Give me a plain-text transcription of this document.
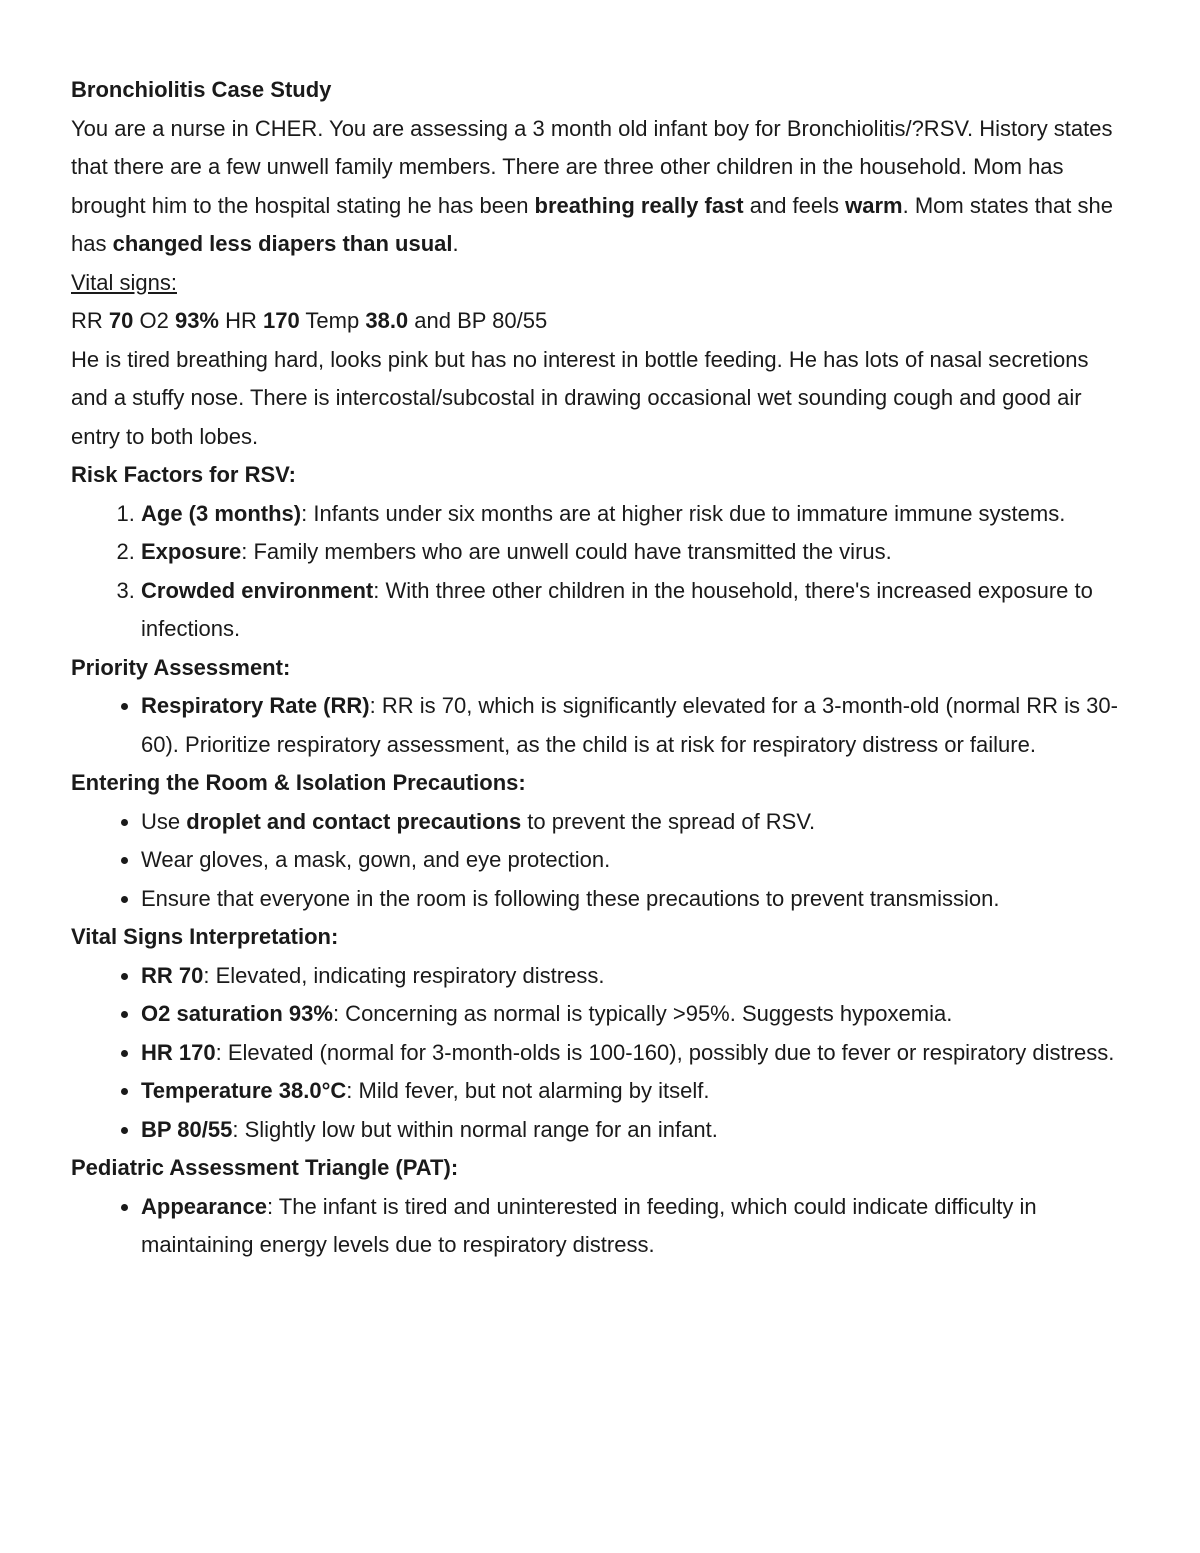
Bronchiolitis Case Study

You are a nurse in CHER. You are assessing a 3 month old infant boy for Bronchiolitis/?RSV. History states that there are a few unwell family members. There are three other children in the household. Mom has brought him to the hospital stating he has been breathing really fast and feels warm. Mom states that she has changed less diapers than usual.

Vital signs:

RR 70 O2 93% HR 170 Temp 38.0 and BP 80/55

He is tired breathing hard, looks pink but has no interest in bottle feeding. He has lots of nasal secretions and a stuffy nose. There is intercostal/subcostal in drawing occasional wet sounding cough and good air entry to both lobes.

Risk Factors for RSV:

1. Age (3 months): Infants under six months are at higher risk due to immature immune systems.
2. Exposure: Family members who are unwell could have transmitted the virus.
3. Crowded environment: With three other children in the household, there's increased exposure to infections.

Priority Assessment:

• Respiratory Rate (RR): RR is 70, which is significantly elevated for a 3-month-old (normal RR is 30-60). Prioritize respiratory assessment, as the child is at risk for respiratory distress or failure.

Entering the Room & Isolation Precautions:

• Use droplet and contact precautions to prevent the spread of RSV.
• Wear gloves, a mask, gown, and eye protection.
• Ensure that everyone in the room is following these precautions to prevent transmission.

Vital Signs Interpretation:

• RR 70: Elevated, indicating respiratory distress.
• O2 saturation 93%: Concerning as normal is typically >95%. Suggests hypoxemia.
• HR 170: Elevated (normal for 3-month-olds is 100-160), possibly due to fever or respiratory distress.
• Temperature 38.0°C: Mild fever, but not alarming by itself.
• BP 80/55: Slightly low but within normal range for an infant.

Pediatric Assessment Triangle (PAT):

• Appearance: The infant is tired and uninterested in feeding, which could indicate difficulty in maintaining energy levels due to respiratory distress.
